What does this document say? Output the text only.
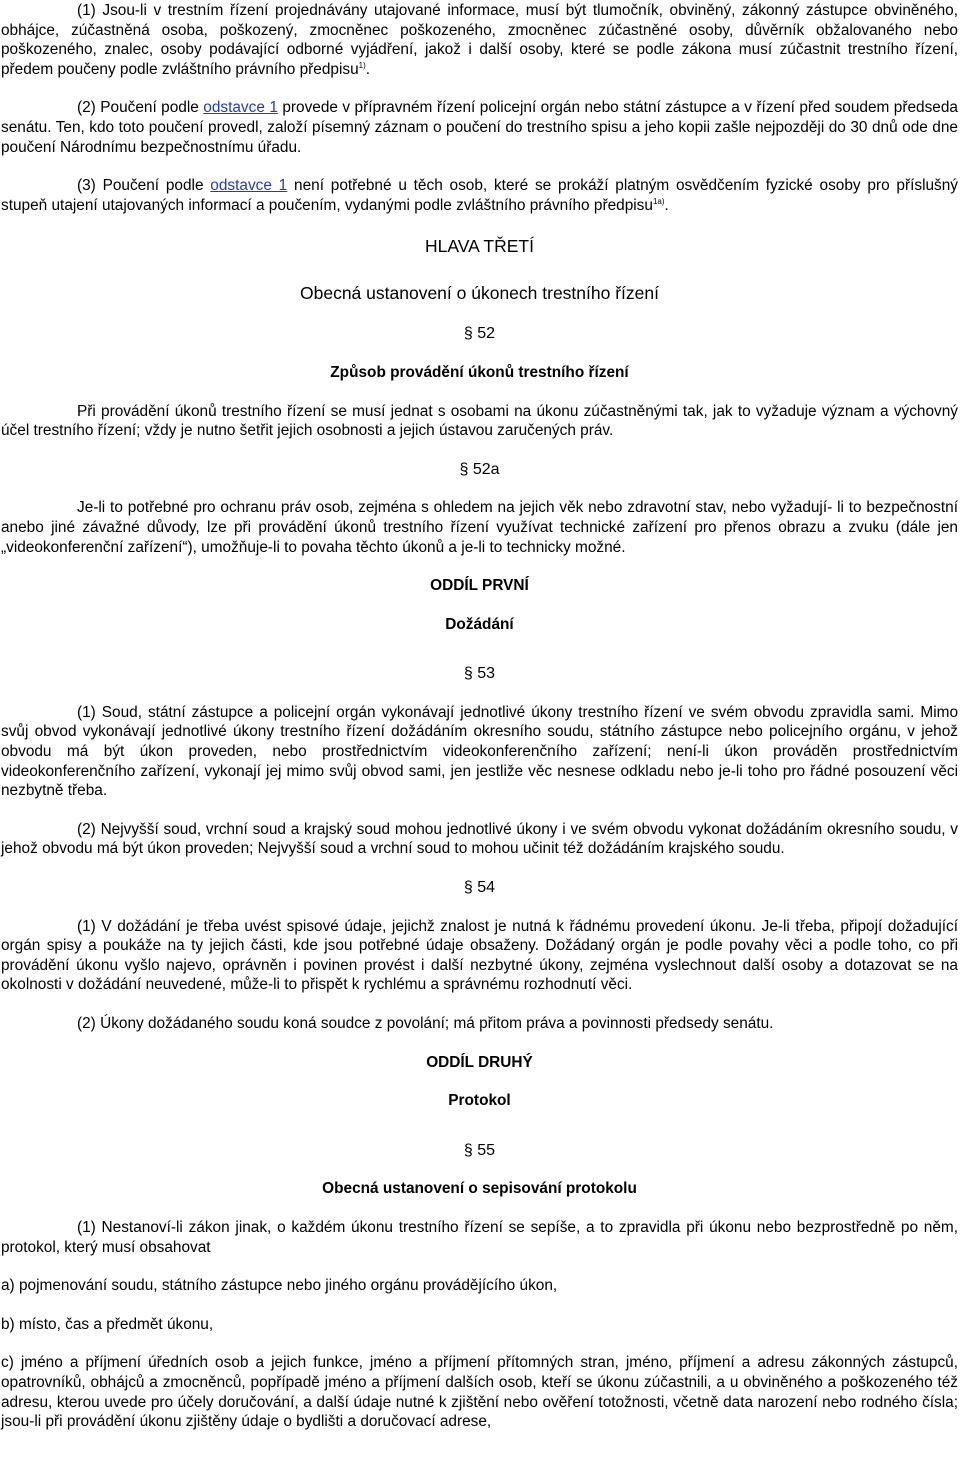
(1) Jsou-li v trestním řízení projednávány utajované informace, musí být tlumočník, obviněný, zákonný zástupce obviněného, obhájce, zúčastněná osoba, poškozený, zmocněnec poškozeného, zmocněnec zúčastněné osoby, důvěrník obžalovaného nebo poškozeného, znalec, osoby podávající odborné vyjádření, jakož i další osoby, které se podle zákona musí zúčastnit trestního řízení, předem poučeny podle zvláštního právního předpisu$^{1)}$.

(2) Poučení podle odstavce 1 provede v přípravném řízení policejní orgán nebo státní zástupce a v řízení před soudem předseda senátu. Ten, kdo toto poučení provedl, založí písemný záznam o poučení do trestního spisu a jeho kopii zašle nejpozději do 30 dnů ode dne poučení Národnímu bezpečnostnímu úřadu.

(3) Poučení podle odstavce 1 není potřebné u těch osob, které se prokáží platným osvědčením fyzické osoby pro příslušný stupeň utajení utajovaných informací a poučením, vydanými podle zvláštního právního předpisu$^{1a)}$.

HLAVA TŘETÍ

Obecná ustanovení o úkonech trestního řízení

§ 52

Způsob provádění úkonů trestního řízení

Při provádění úkonů trestního řízení se musí jednat s osobami na úkonu zúčastněnými tak, jak to vyžaduje význam a výchovný účel trestního řízení; vždy je nutno šetřit jejich osobnosti a jejich ústavou zaručených práv.

§ 52a

Je-li to potřebné pro ochranu práv osob, zejména s ohledem na jejich věk nebo zdravotní stav, nebo vyžadují- li to bezpečnostní anebo jiné závažné důvody, lze při provádění úkonů trestního řízení využívat technické zařízení pro přenos obrazu a zvuku (dále jen „videokonferenční zařízení“), umožňuje-li to povaha těchto úkonů a je-li to technicky možné.

ODDÍL PRVNÍ

Dožádání

§ 53

(1) Soud, státní zástupce a policejní orgán vykonávají jednotlivé úkony trestního řízení ve svém obvodu zpravidla sami. Mimo svůj obvod vykonávají jednotlivé úkony trestního řízení dožádáním okresního soudu, státního zástupce nebo policejního orgánu, v jehož obvodu má být úkon proveden, nebo prostřednictvím videokonferenčního zařízení; není-li úkon prováděn prostřednictvím videokonferenčního zařízení, vykonají jej mimo svůj obvod sami, jen jestliže věc nesnese odkladu nebo je-li toho pro řádné posouzení věci nezbytně třeba.

(2) Nejvyšší soud, vrchní soud a krajský soud mohou jednotlivé úkony i ve svém obvodu vykonat dožádáním okresního soudu, v jehož obvodu má být úkon proveden; Nejvyšší soud a vrchní soud to mohou učinit též dožádáním krajského soudu.

§ 54

(1) V dožádání je třeba uvést spisové údaje, jejichž znalost je nutná k řádnému provedení úkonu. Je-li třeba, připojí dožadující orgán spisy a poukáže na ty jejich části, kde jsou potřebné údaje obsaženy. Dožádaný orgán je podle povahy věci a podle toho, co při provádění úkonu vyšlo najevo, oprávněn i povinen provést i další nezbytné úkony, zejména vyslechnout další osoby a dotazovat se na okolnosti v dožádání neuvedené, může-li to přispět k rychlému a správnému rozhodnutí věci.

(2) Úkony dožádaného soudu koná soudce z povolání; má přitom práva a povinnosti předsedy senátu.

ODDÍL DRUHÝ

Protokol

§ 55

Obecná ustanovení o sepisování protokolu

(1) Nestanoví-li zákon jinak, o každém úkonu trestního řízení se sepíše, a to zpravidla při úkonu nebo bezprostředně po něm, protokol, který musí obsahovat

a) pojmenování soudu, státního zástupce nebo jiného orgánu provádějícího úkon,

b) místo, čas a předmět úkonu,

c) jméno a příjmení úředních osob a jejich funkce, jméno a příjmení přítomných stran, jméno, příjmení a adresu zákonných zástupců, opatrovníků, obhájců a zmocněnců, popřípadě jméno a příjmení dalších osob, kteří se úkonu zúčastnili, a u obviněného a poškozeného též adresu, kterou uvede pro účely doručování, a další údaje nutné k zjištění nebo ověření totožnosti, včetně data narození nebo rodného čísla; jsou-li při provádění úkonu zjištěny údaje o bydlišti a doručovací adrese,
